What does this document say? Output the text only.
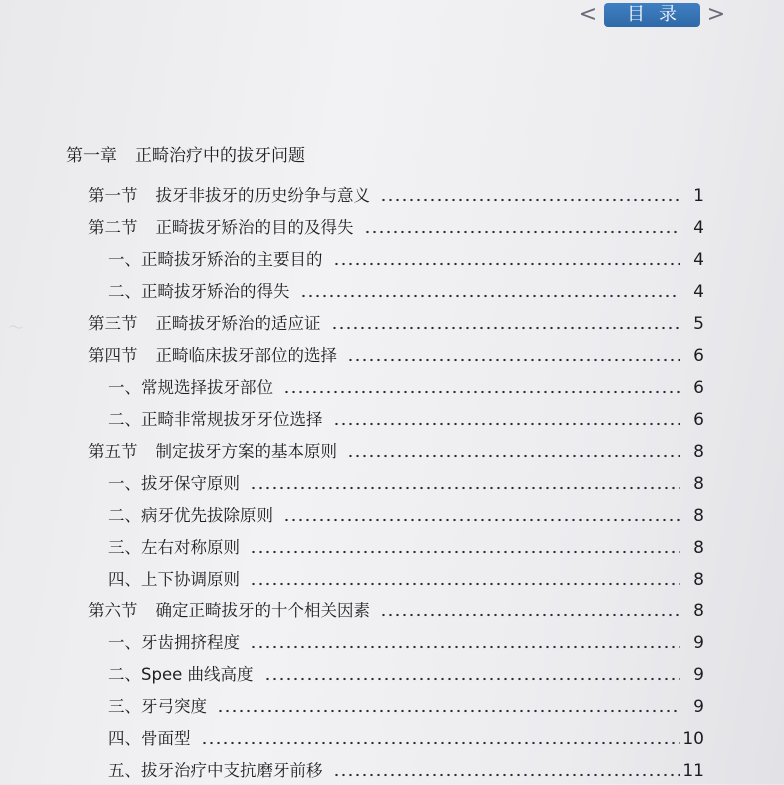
～
<	目录 >
第一章 正畸治疗中的拔牙问题
第一节 拔牙非拔牙的历史纷争与意义	1
第二节 正畸拔牙矫治的目的及得失	4
一、正畸拔牙矫治的主要目的	4
二、正畸拔牙矫治的得失	4
第三节 正畸拔牙矫治的适应证	5
第四节 正畸临床拔牙部位的选择	6
一、常规选择拔牙部位	6
二、正畸非常规拔牙牙位选择	6
第五节 制定拔牙方案的基本原则	8
一、拔牙保守原则	8
二、病牙优先拔除原则	8
三、左右对称原则	8
四、上下协调原则	8
第六节 确定正畸拔牙的十个相关因素	8
一、牙齿拥挤程度	9
二、Spee 曲线高度	9
三、牙弓突度	9
四、骨面型	10
五、拔牙治疗中支抗磨牙前移	11
